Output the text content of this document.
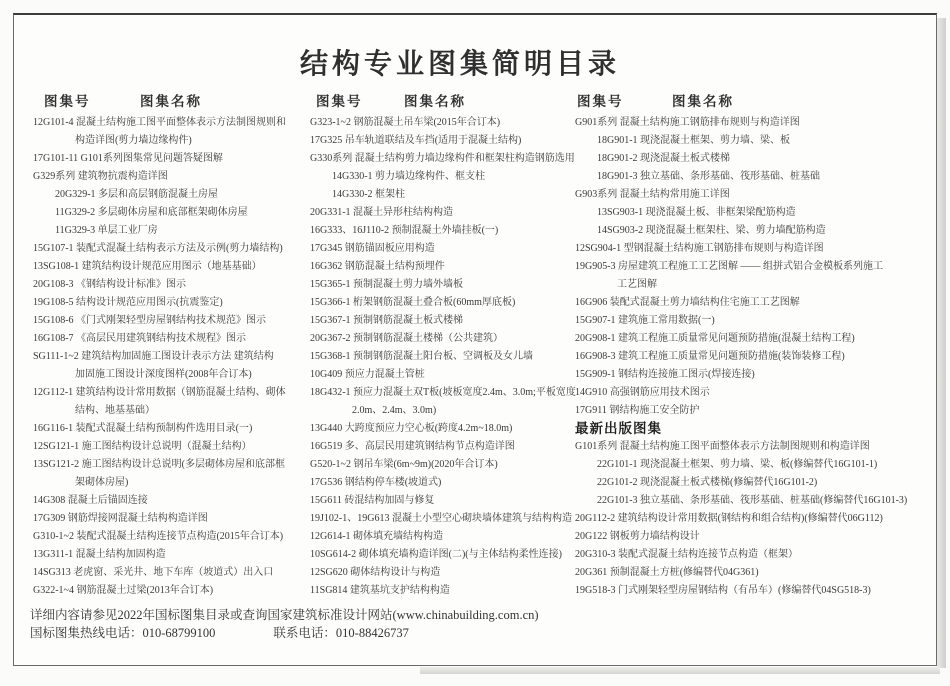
结构专业图集简明目录
图集号	图集名称	图集号	图集名称	图集号	图集名称
12G101-4 混凝土结构施工图平面整体表示方法制图规则和
构造详图(剪力墙边缘构件)
17G101-11 G101系列图集常见问题答疑图解
G329系列 建筑物抗震构造详图
20G329-1 多层和高层钢筋混凝土房屋
11G329-2 多层砌体房屋和底部框架砌体房屋
11G329-3 单层工业厂房
15G107-1 装配式混凝土结构表示方法及示例(剪力墙结构)
13SG108-1 建筑结构设计规范应用图示（地基基础）
20G108-3 《钢结构设计标准》图示
19G108-5 结构设计规范应用图示(抗震鉴定)
15G108-6 《门式刚架轻型房屋钢结构技术规范》图示
16G108-7 《高层民用建筑钢结构技术规程》图示
SG111-1~2 建筑结构加固施工图设计表示方法 建筑结构
加固施工图设计深度图样(2008年合订本)
12G112-1 建筑结构设计常用数据（钢筋混凝土结构、砌体
结构、地基基础）
16G116-1 装配式混凝土结构预制构件选用目录(一)
12SG121-1 施工图结构设计总说明（混凝土结构）
13SG121-2 施工图结构设计总说明(多层砌体房屋和底部框
架砌体房屋)
14G308 混凝土后锚固连接
17G309 钢筋焊接网混凝土结构构造详图
G310-1~2 装配式混凝土结构连接节点构造(2015年合订本)
13G311-1 混凝土结构加固构造
14SG313 老虎窗、采光井、地下车库（坡道式）出入口
G322-1~4 钢筋混凝土过梁(2013年合订本)
G323-1~2 钢筋混凝土吊车梁(2015年合订本)
17G325 吊车轨道联结及车挡(适用于混凝土结构)
G330系列 混凝土结构剪力墙边缘构件和框架柱构造钢筋选用
14G330-1 剪力墙边缘构件、框支柱
14G330-2 框架柱
20G331-1 混凝土异形柱结构构造
16G333、16J110-2 预制混凝土外墙挂板(一)
17G345 钢筋锚固板应用构造
16G362 钢筋混凝土结构预埋件
15G365-1 预制混凝土剪力墙外墙板
15G366-1 桁架钢筋混凝土叠合板(60mm厚底板)
15G367-1 预制钢筋混凝土板式楼梯
20G367-2 预制钢筋混凝土楼梯（公共建筑）
15G368-1 预制钢筋混凝土阳台板、空调板及女儿墙
10G409 预应力混凝土管桩
18G432-1 预应力混凝土双T板(坡板宽度2.4m、3.0m;平板宽度
2.0m、2.4m、3.0m)
13G440 大跨度预应力空心板(跨度4.2m~18.0m)
16G519 多、高层民用建筑钢结构节点构造详图
G520-1~2 钢吊车梁(6m~9m)(2020年合订本)
17G536 钢结构停车楼(坡道式)
15G611 砖混结构加固与修复
19J102-1、19G613 混凝土小型空心砌块墙体建筑与结构构造
12G614-1 砌体填充墙结构构造
10SG614-2 砌体填充墙构造详图(二)(与主体结构柔性连接)
12SG620 砌体结构设计与构造
11SG814 建筑基坑支护结构构造
G901系列 混凝土结构施工钢筋排布规则与构造详图
18G901-1 现浇混凝土框架、剪力墙、梁、板
18G901-2 现浇混凝土板式楼梯
18G901-3 独立基础、条形基础、筏形基础、桩基础
G903系列 混凝土结构常用施工详图
13SG903-1 现浇混凝土板、非框架梁配筋构造
14SG903-2 现浇混凝土框架柱、梁、剪力墙配筋构造
12SG904-1 型钢混凝土结构施工钢筋排布规则与构造详图
19G905-3 房屋建筑工程施工工艺图解 —— 组拼式铝合金模板系列施工
工艺图解
16G906 装配式混凝土剪力墙结构住宅施工工艺图解
15G907-1 建筑施工常用数据(一)
20G908-1 建筑工程施工质量常见问题预防措施(混凝土结构工程)
16G908-3 建筑工程施工质量常见问题预防措施(装饰装修工程)
15G909-1 钢结构连接施工图示(焊接连接)
14G910 高强钢筋应用技术图示
17G911 钢结构施工安全防护
最新出版图集
G101系列 混凝土结构施工图平面整体表示方法制图规则和构造详图
22G101-1 现浇混凝土框架、剪力墙、梁、板(修编替代16G101-1)
22G101-2 现浇混凝土板式楼梯(修编替代16G101-2)
22G101-3 独立基础、条形基础、筏形基础、桩基础(修编替代16G101-3)
20G112-2 建筑结构设计常用数据(钢结构和组合结构)(修编替代06G112)
20G122 钢板剪力墙结构设计
20G310-3 装配式混凝土结构连接节点构造（框架）
20G361 预制混凝土方桩(修编替代04G361)
19G518-3 门式刚架轻型房屋钢结构（有吊车）(修编替代04SG518-3)
详细内容请参见2022年国标图集目录或查询国家建筑标准设计网站(www.chinabuilding.com.cn)
国标图集热线电话：010-68799100	联系电话：010-88426737
